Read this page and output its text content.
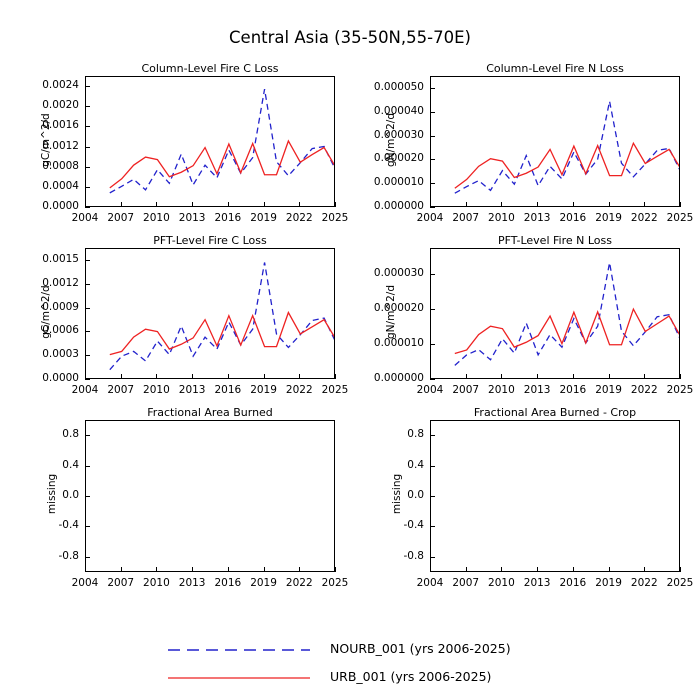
Central Asia (35-50N,55-70E)
Column-Level Fire C Loss
0.0000
0.0004
0.0008
0.0012
0.0016
0.0020
0.0024
2004 2007 2010 2013 2016 2019 2022 2025
gC/m^2/d
Column-Level Fire N Loss
0.000000
0.000010
0.000020
0.000030
0.000040
0.000050
2004 2007 2010 2013 2016 2019 2022 2025
gN/m^2/d
PFT-Level Fire C Loss
0.0000
0.0003
0.0006
0.0009
0.0012
0.0015
2004 2007 2010 2013 2016 2019 2022 2025
gC/m^2/d
PFT-Level Fire N Loss
0.000000
0.000010
0.000020
0.000030
2004 2007 2010 2013 2016 2019 2022 2025
gN/m^2/d
Fractional Area Burned
-0.8
-0.4
0.0
0.4
0.8
2004 2007 2010 2013 2016 2019 2022 2025
missing
Fractional Area Burned - Crop
-0.8
-0.4
0.0
0.4
0.8
2004 2007 2010 2013 2016 2019 2022 2025
missing
NOURB_001 (yrs 2006-2025)
URB_001 (yrs 2006-2025)
